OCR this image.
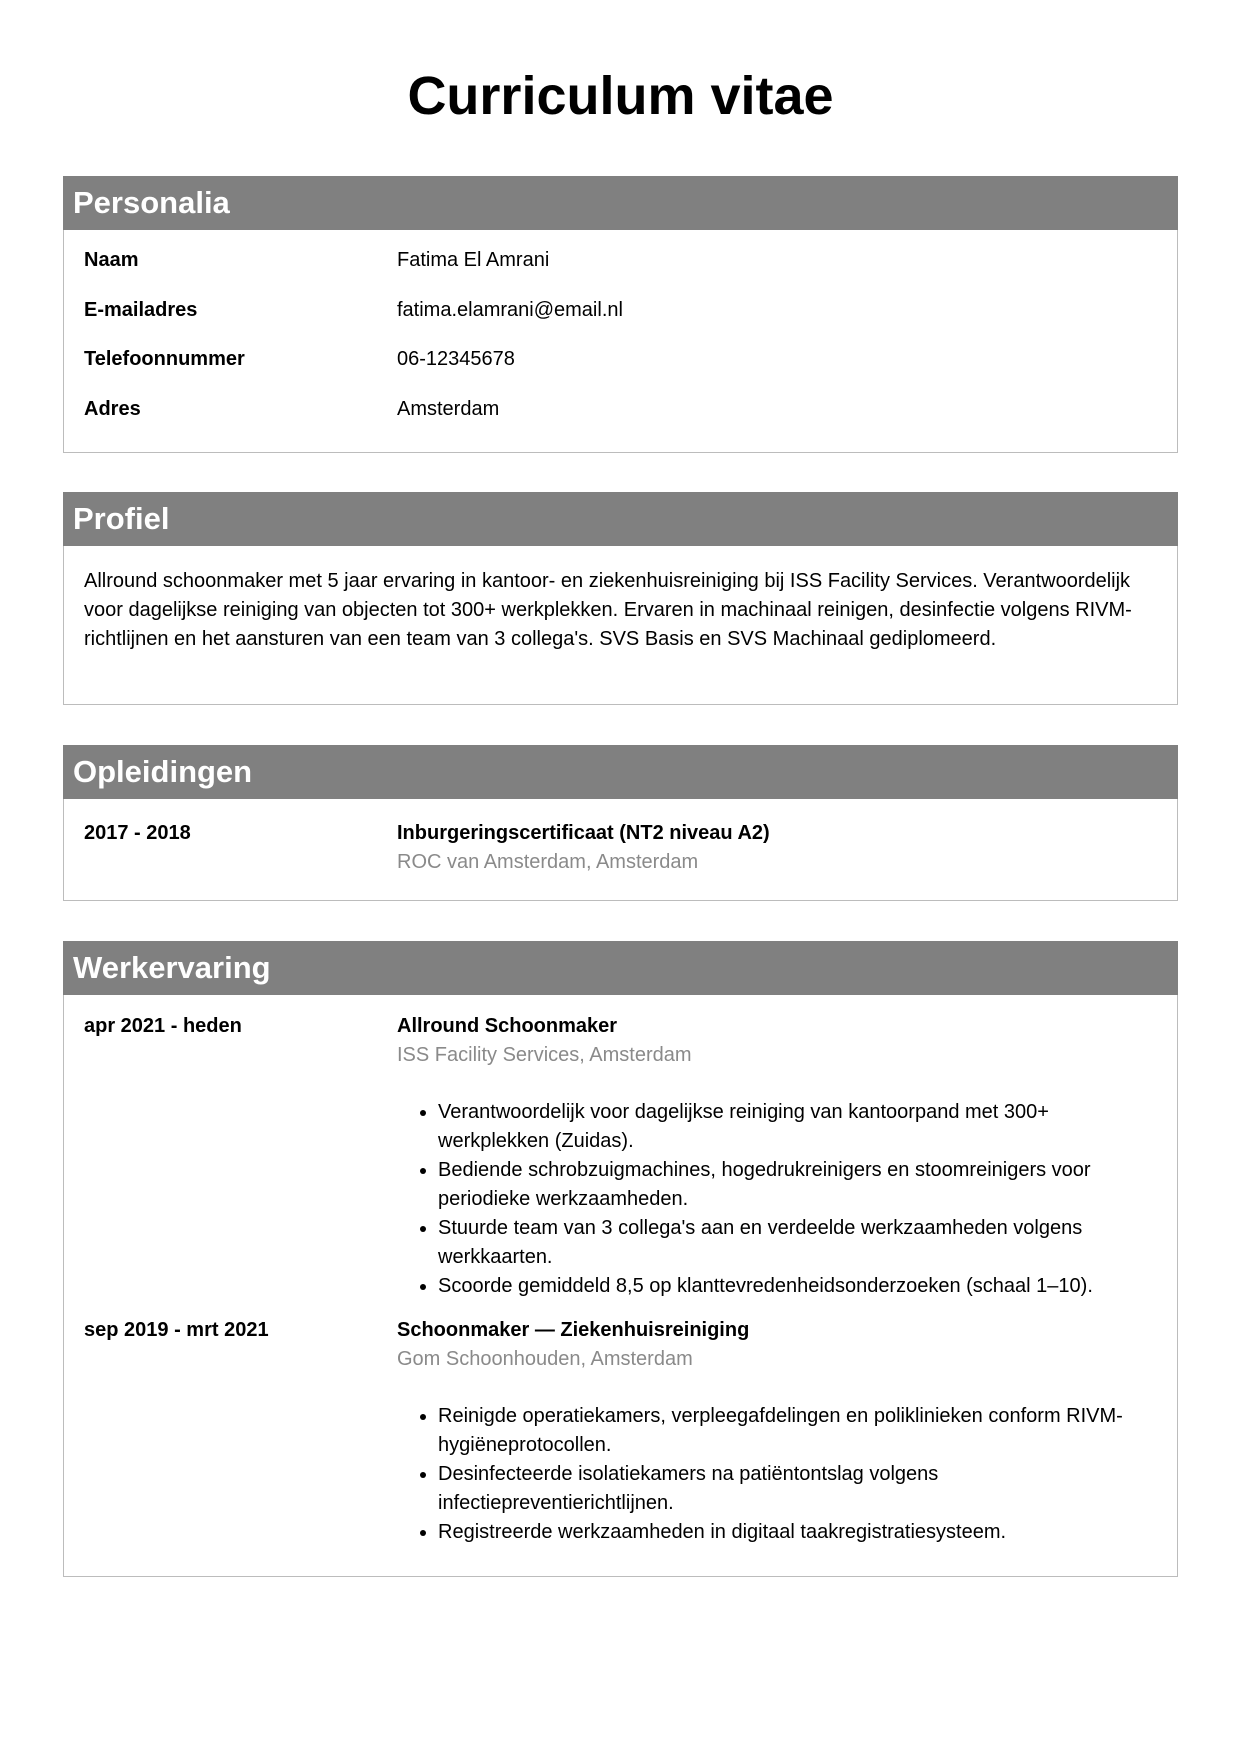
Curriculum vitae
Personalia
Naam	Fatima El Amrani
E-mailadres	fatima.elamrani@email.nl
Telefoonnummer	06-12345678
Adres	Amsterdam
Profiel

Allround schoonmaker met 5 jaar ervaring in kantoor- en ziekenhuisreiniging bij ISS Facility Services. Verantwoordelijk voor dagelijkse reiniging van objecten tot 300+ werkplekken. Ervaren in machinaal reinigen, desinfectie volgens RIVM-richtlijnen en het aansturen van een team van 3 collega's. SVS Basis en SVS Machinaal gediplomeerd.

Opleidingen
2017 - 2018	Inburgeringscertificaat (NT2 niveau A2)
ROC van Amsterdam, Amsterdam
Werkervaring
apr 2021 - heden	Allround Schoonmaker
ISS Facility Services, Amsterdam
• Verantwoordelijk voor dagelijkse reiniging van kantoorpand met 300+ werkplekken (Zuidas).
• Bediende schrobzuigmachines, hogedrukreinigers en stoomreinigers voor periodieke werkzaamheden.
• Stuurde team van 3 collega's aan en verdeelde werkzaamheden volgens werkkaarten.
• Scoorde gemiddeld 8,5 op klanttevredenheidsonderzoeken (schaal 1–10).
sep 2019 - mrt 2021	Schoonmaker — Ziekenhuisreiniging
Gom Schoonhouden, Amsterdam
• Reinigde operatiekamers, verpleegafdelingen en poliklinieken conform RIVM-hygiëneprotocollen.
• Desinfecteerde isolatiekamers na patiëntontslag volgens infectiepreventierichtlijnen.
• Registreerde werkzaamheden in digitaal taakregistratiesysteem.
